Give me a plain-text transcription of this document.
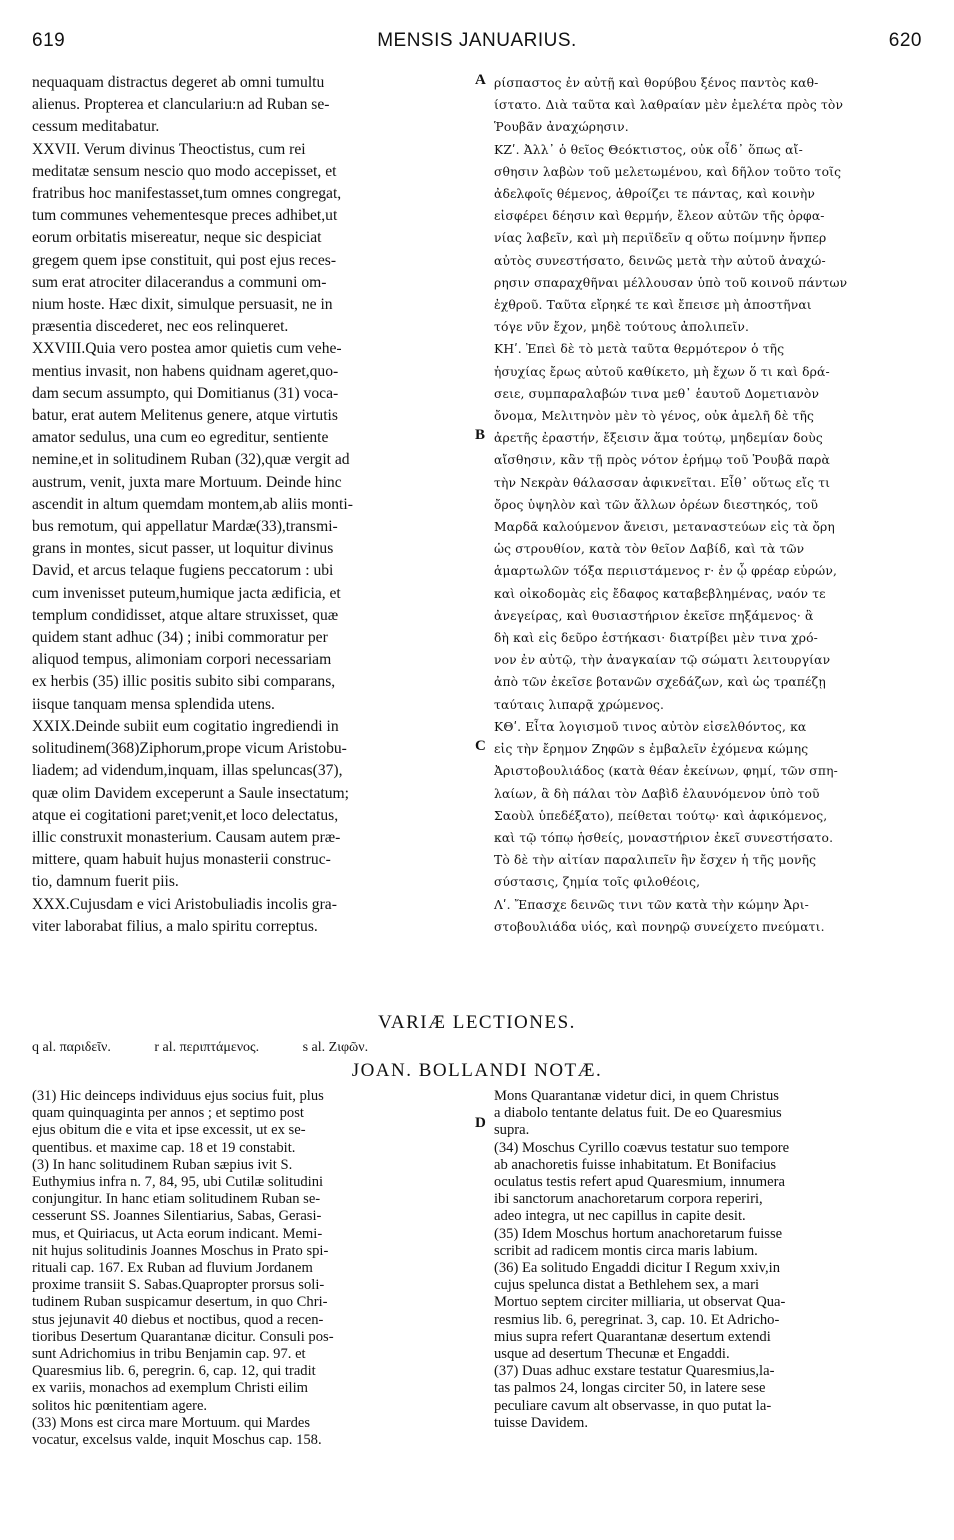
619	MENSIS JANUARIUS.	620
nequaquam distractus degeret ab omni tumultu
alienus. Propterea et clanculariu:n ad Ruban se-
cessum meditabatur.
XXVII. Verum divinus Theoctistus, cum rei
meditatæ sensum nescio quo modo accepisset, et
fratribus hoc manifestasset,tum omnes congregat,
tum communes vehementesque preces adhibet,ut
eorum orbitatis misereatur, neque sic despiciat
gregem quem ipse constituit, qui post ejus reces-
sum erat atrociter dilacerandus a communi om-
nium hoste. Hæc dixit, simulque persuasit, ne in
præsentia discederet, nec eos relinqueret.
XXVIII.Quia vero postea amor quietis cum vehe-
mentius invasit, non habens quidnam ageret,quo-
dam secum assumpto, qui Domitianus (31) voca-
batur, erat autem Melitenus genere, atque virtutis
amator sedulus, una cum eo egreditur, sentiente
nemine,et in solitudinem Ruban (32),quæ vergit ad
austrum, venit, juxta mare Mortuum. Deinde hinc
ascendit in altum quemdam montem,ab aliis monti-
bus remotum, qui appellatur Mardæ(33),transmi-
grans in montes, sicut passer, ut loquitur divinus
David, et arcus telaque fugiens peccatorum : ubi
cum invenisset puteum,humique jacta ædificia, et
templum condidisset, atque altare struxisset, quæ
quidem stant adhuc (34) ; inibi commoratur per
aliquod tempus, alimoniam corpori necessariam
ex herbis (35) illic positis subito sibi comparans,
iisque tanquam mensa splendida utens.
XXIX.Deinde subiit eum cogitatio ingrediendi in
solitudinem(368)Ziphorum,prope vicum Aristobu-
liadem; ad videndum,inquam, illas speluncas(37),
quæ olim Davidem exceperunt a Saule insectatum;
atque ei cogitationi paret;venit,et loco delectatus,
illic construxit monasterium. Causam autem præ-
mittere, quam habuit hujus monasterii construc-
tio, damnum fuerit piis.
XXX.Cujusdam e vici Aristobuliadis incolis gra-
viter laborabat filius, a malo spiritu correptus.
ρίσπαστος ἐν αὐτῇ καὶ θορύβου ξένος παντὸς καθ-
ίστατο. Διὰ ταῦτα καὶ λαθραίαν μὲν ἐμελέτα πρὸς τὸν
Ῥουβᾶν ἀναχώρησιν.
ΚΖʹ. Ἀλλ᾽ ὁ θεῖος Θεόκτιστος, οὐκ οἶδ᾽ ὅπως αἴ-
σθησιν λαβὼν τοῦ μελετωμένου, καὶ δῆλον τοῦτο τοῖς
ἀδελφοῖς θέμενος, ἀθροίζει τε πάντας, καὶ κοινὴν
εἰσφέρει δέησιν καὶ θερμήν, ἔλεον αὐτῶν τῆς ὀρφα-
νίας λαβεῖν, καὶ μὴ περιϊδεῖν q οὕτω ποίμνην ἥνπερ
αὐτὸς συνεστήσατο, δεινῶς μετὰ τὴν αὐτοῦ ἀναχώ-
ρησιν σπαραχθῆναι μέλλουσαν ὑπὸ τοῦ κοινοῦ πάντων
ἐχθροῦ. Ταῦτα εἴρηκέ τε καὶ ἔπεισε μὴ ἀποστῆναι
τόγε νῦν ἔχον, μηδὲ τούτους ἀπολιπεῖν.
ΚΗʹ. Ἐπεὶ δὲ τὸ μετὰ ταῦτα θερμότερον ὁ τῆς
ἡσυχίας ἔρως αὐτοῦ καθίκετο, μὴ ἔχων ὅ τι καὶ δρά-
σειε, συμπαραλαβών τινα μεθ᾽ ἑαυτοῦ Δομετιανὸν
ὄνομα, Μελιτηνὸν μὲν τὸ γένος, οὐκ ἀμελῆ δὲ τῆς
ἀρετῆς ἐραστήν, ἔξεισιν ἅμα τούτῳ, μηδεμίαν δοὺς
αἴσθησιν, κἂν τῇ πρὸς νότον ἐρήμῳ τοῦ Ῥουβᾶ παρὰ
τὴν Νεκρὰν θάλασσαν ἀφικνεῖται. Εἶθ᾽ οὕτως εἴς τι
ὄρος ὑψηλὸν καὶ τῶν ἄλλων ὀρέων διεστηκός, τοῦ
Μαρδᾶ καλούμενον ἄνεισι, μεταναστεύων εἰς τὰ ὄρη
ὡς στρουθίον, κατὰ τὸν θεῖον Δαβίδ, καὶ τὰ τῶν
ἁμαρτωλῶν τόξα περιιστάμενος r· ἐν ᾧ φρέαρ εὑρών,
καὶ οἰκοδομὰς εἰς ἔδαφος καταβεβλημένας, ναόν τε
ἀνεγείρας, καὶ θυσιαστήριον ἐκεῖσε πηξάμενος· ἃ
δὴ καὶ εἰς δεῦρο ἑστήκασι· διατρίβει μὲν τινα χρό-
νον ἐν αὐτῷ, τὴν ἀναγκαίαν τῷ σώματι λειτουργίαν
ἀπὸ τῶν ἐκεῖσε βοτανῶν σχεδάζων, καὶ ὡς τραπέζῃ
ταύταις λιπαρᾷ χρώμενος.
ΚΘʹ. Εἶτα λογισμοῦ τινος αὐτὸν εἰσελθόντος, κα
εἰς τὴν ἔρημον Ζηφῶν s ἐμβαλεῖν ἐχόμενα κώμης
Ἀριστοβουλιάδος (κατὰ θέαν ἐκείνων, φημί, τῶν σπη-
λαίων, ἃ δὴ πάλαι τὸν Δαβὶδ ἐλαυνόμενον ὑπὸ τοῦ
Σαοὺλ ὑπεδέξατο), πείθεται τούτῳ· καὶ ἀφικόμενος,
καὶ τῷ τόπῳ ἡσθείς, μοναστήριον ἐκεῖ συνεστήσατο.
Τὸ δὲ τὴν αἰτίαν παραλιπεῖν ἣν ἔσχεν ἡ τῆς μονῆς
σύστασις, ζημία τοῖς φιλοθέοις,
Λʹ. Ἔπασχε δεινῶς τινι τῶν κατὰ τὴν κώμην Ἀρι-
στοβουλιάδα υἱός, καὶ πονηρῷ συνείχετο πνεύματι.
A
B
C
D
VARIÆ LECTIONES.
q al. παριδεῖν.	r al. περιπτάμενος.	s al. Ζιφῶν.
JOAN. BOLLANDI NOTÆ.
(31) Hic deinceps individuus ejus socius fuit, plus
quam quinquaginta per annos ; et septimo post
ejus obitum die e vita et ipse excessit, ut ex se-
quentibus. et maxime cap. 18 et 19 constabit.
(3) In hanc solitudinem Ruban sæpius ivit S.
Euthymius infra n. 7, 84, 95, ubi Cutilæ solitudini
conjungitur. In hanc etiam solitudinem Ruban se-
cesserunt SS. Joannes Silentiarius, Sabas, Gerasi-
mus, et Quiriacus, ut Acta eorum indicant. Memi-
nit hujus solitudinis Joannes Moschus in Prato spi-
rituali cap. 167. Ex Ruban ad fluvium Jordanem
proxime transiit S. Sabas.Quapropter prorsus soli-
tudinem Ruban suspicamur desertum, in quo Chri-
stus jejunavit 40 diebus et noctibus, quod a recen-
tioribus Desertum Quarantanæ dicitur. Consuli pos-
sunt Adrichomius in tribu Benjamin cap. 97. et
Quaresmius lib. 6, peregrin. 6, cap. 12, qui tradit
ex variis, monachos ad exemplum Christi eilim
solitos hic pœnitentiam agere.
(33) Mons est circa mare Mortuum. qui Mardes
vocatur, excelsus valde, inquit Moschus cap. 158.
Mons Quarantanæ videtur dici, in quem Christus
a diabolo tentante delatus fuit. De eo Quaresmius
supra.
(34) Moschus Cyrillo coævus testatur suo tempore
ab anachoretis fuisse inhabitatum. Et Bonifacius
oculatus testis refert apud Quaresmium, innumera
ibi sanctorum anachoretarum corpora reperiri,
adeo integra, ut nec capillus in capite desit.
(35) Idem Moschus hortum anachoretarum fuisse
scribit ad radicem montis circa maris labium.
(36) Ea solitudo Engaddi dicitur I Regum xxiv,in
cujus spelunca distat a Bethlehem sex, a mari
Mortuo septem circiter milliaria, ut observat Qua-
resmius lib. 6, peregrinat. 3, cap. 10. Et Adricho-
mius supra refert Quarantanæ desertum extendi
usque ad desertum Thecunæ et Engaddi.
(37) Duas adhuc exstare testatur Quaresmius,la-
tas palmos 24, longas circiter 50, in latere sese
peculiare cavum alt observasse, in quo putat la-
tuisse Davidem.
